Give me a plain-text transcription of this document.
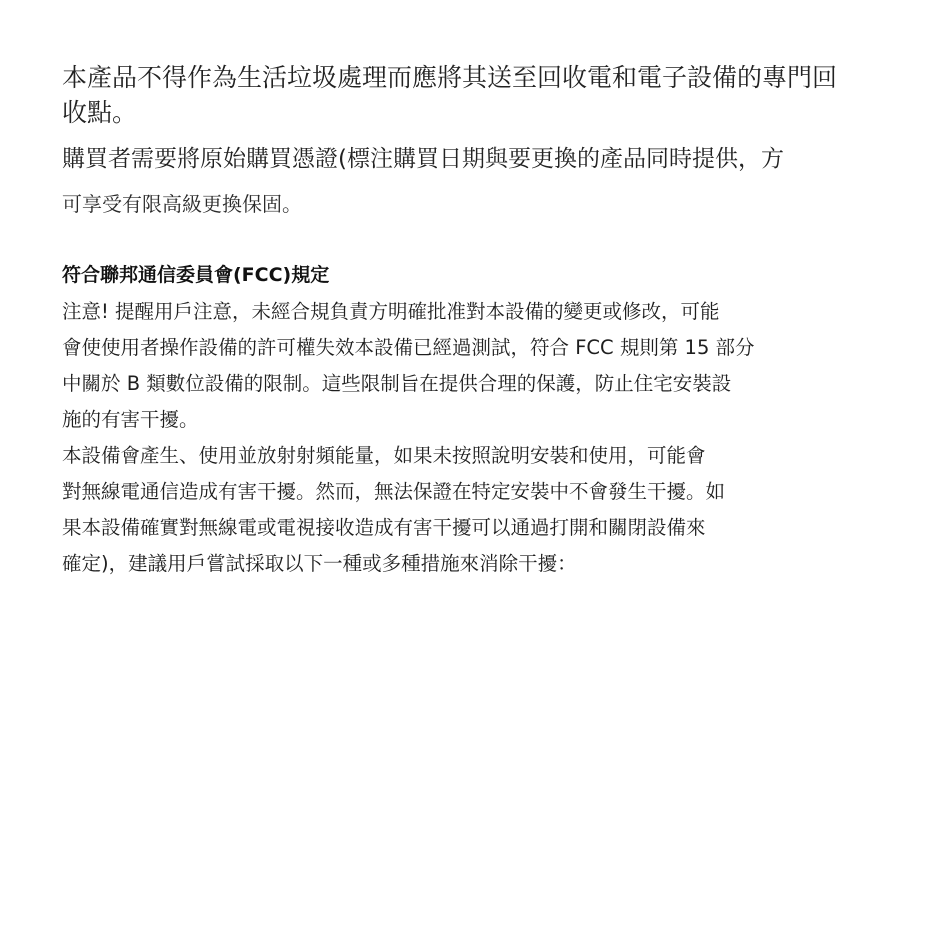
本產品不得作為生活垃圾處理而應將其送至回收電和電子設備的專門回
收點。
購買者需要將原始購買憑證(標注購買日期與要更換的產品同時提供，方
可享受有限高級更換保固。
符合聯邦通信委員會(FCC)規定
注意! 提醒用戶注意，未經合規負責方明確批准對本設備的變更或修改，可能
會使使用者操作設備的許可權失效本設備已經過測試，符合 FCC 規則第 15 部分
中關於 B 類數位設備的限制。這些限制旨在提供合理的保護，防止住宅安裝設
施的有害干擾。
本設備會產生、使用並放射射頻能量，如果未按照說明安裝和使用，可能會
對無線電通信造成有害干擾。然而，無法保證在特定安裝中不會發生干擾。如
果本設備確實對無線電或電視接收造成有害干擾可以通過打開和關閉設備來
確定)，建議用戶嘗試採取以下一種或多種措施來消除干擾：
